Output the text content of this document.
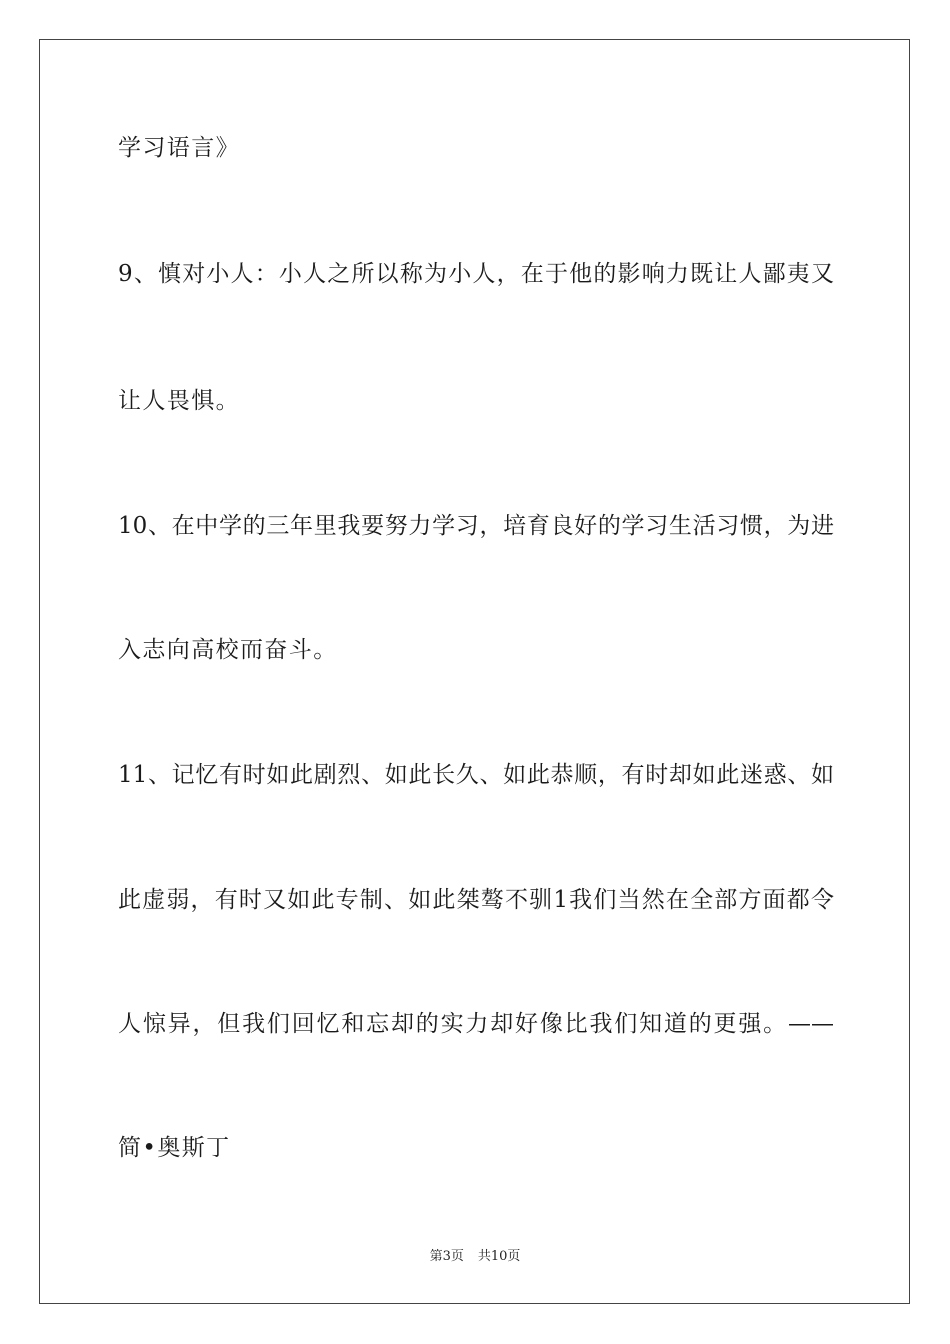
学习语言》
9、慎对小人：小人之所以称为小人，在于他的影响力既让人鄙夷又
让人畏惧。
10、在中学的三年里我要努力学习，培育良好的学习生活习惯，为进
入志向高校而奋斗。
11、记忆有时如此剧烈、如此长久、如此恭顺，有时却如此迷惑、如
此虚弱，有时又如此专制、如此桀骜不驯1我们当然在全部方面都令
人惊异，但我们回忆和忘却的实力却好像比我们知道的更强。——
简•奥斯丁
第3页 共10页
